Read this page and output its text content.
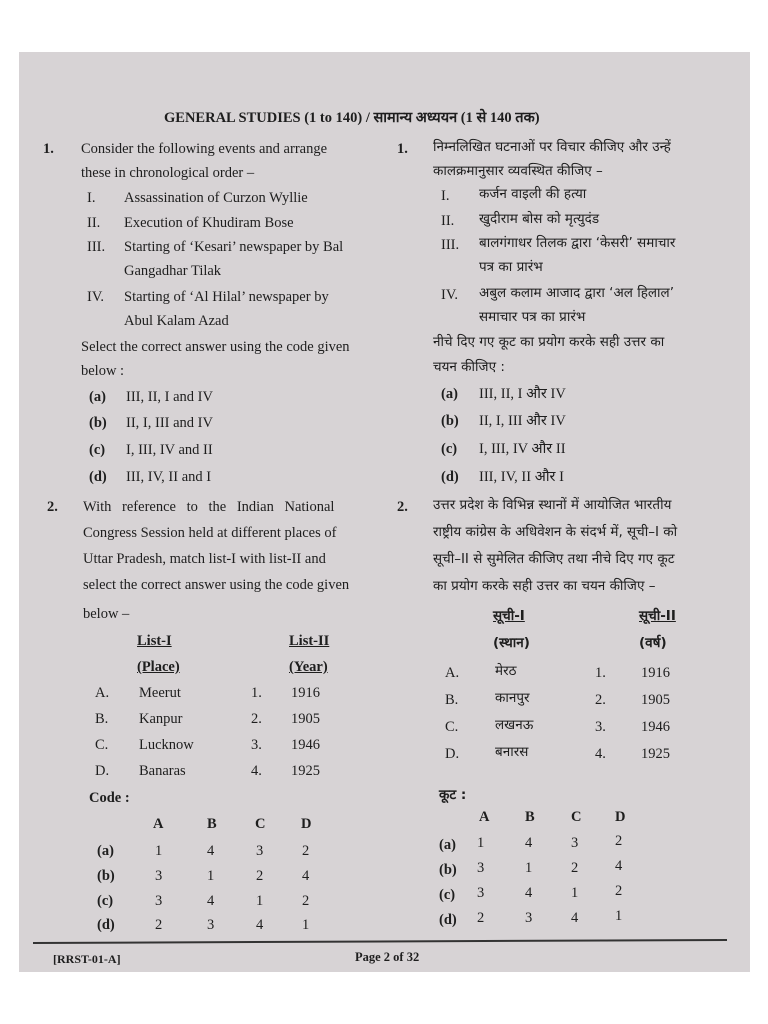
GENERAL STUDIES (1 to 140) / सामान्य अध्ययन (1 से 140 तक)
1. Consider the following events and arrange
these in chronological order –
I. Assassination of Curzon Wyllie
II. Execution of Khudiram Bose
III. Starting of ‘Kesari’ newspaper by Bal
Gangadhar Tilak
IV. Starting of ‘Al Hilal’ newspaper by
Abul Kalam Azad
Select the correct answer using the code given
below :
(a) III, II, I and IV
(b) II, I, III and IV
(c) I, III, IV and II
(d) III, IV, II and I
1. निम्नलिखित घटनाओं पर विचार कीजिए और उन्हें
कालक्रमानुसार व्यवस्थित कीजिए –
I. कर्जन वाइली की हत्या
II. खुदीराम बोस को मृत्युदंड
III. बालगंगाधर तिलक द्वारा ‘केसरी’ समाचार
पत्र का प्रारंभ
IV. अबुल कलाम आजाद द्वारा ‘अल हिलाल’
समाचार पत्र का प्रारंभ
नीचे दिए गए कूट का प्रयोग करके सही उत्तर का
चयन कीजिए :
(a) III, II, I और IV
(b) II, I, III और IV
(c) I, III, IV और II
(d) III, IV, II और I
2. With reference to the Indian National
Congress Session held at different places of
Uttar Pradesh, match list-I with list-II and
select the correct answer using the code given
below –
List-I
(Place)
List-II
(Year)
A. Meerut	1. 1916
B. Kanpur	2. 1905
C. Lucknow	3. 1946
D. Banaras	4. 1925
Code :
A	B	C D
(a)	1	4	3	2
(b)	3	1	2	4
(c)	3	4	1	2
(d)	2	3	4	1
2. उत्तर प्रदेश के विभिन्न स्थानों में आयोजित भारतीय
राष्ट्रीय कांग्रेस के अधिवेशन के संदर्भ में, सूची–I को
सूची–II से सुमेलित कीजिए तथा नीचे दिए गए कूट
का प्रयोग करके सही उत्तर का चयन कीजिए –
सूची-I
(स्थान)
सूची-II
(वर्ष)
A.	मेरठ	1. 1916
B.	कानपुर	2. 1905
C.	लखनऊ	3. 1946
D.	बनारस	4. 1925
कूट :
A B	C D
(a) 1	4	3	2
(b) 3	1	2	4
(c) 3	4	1	2
(d) 2	3	4	1
[RRST-01-A]	Page 2 of 32
